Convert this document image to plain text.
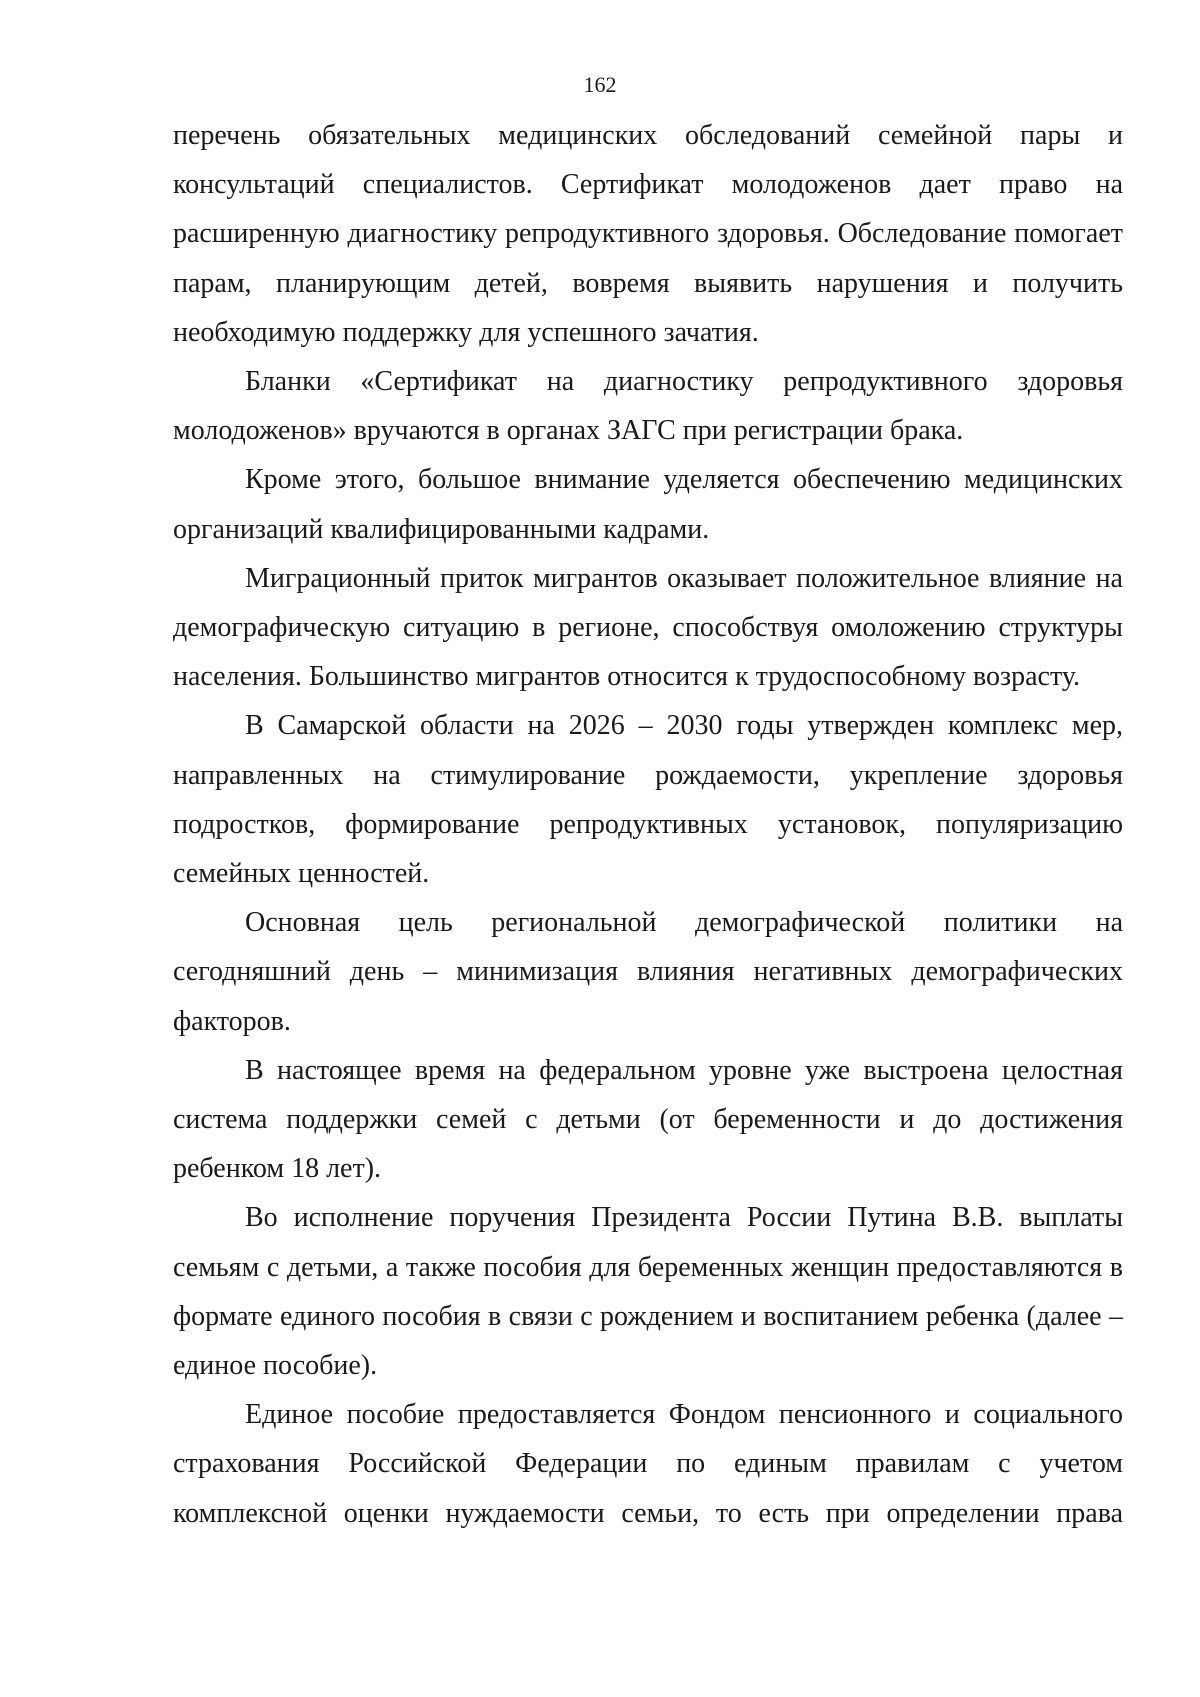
162

перечень обязательных медицинских обследований семейной пары и консультаций специалистов. Сертификат молодоженов дает право на расширенную диагностику репродуктивного здоровья. Обследование помогает парам, планирующим детей, вовремя выявить нарушения и получить необходимую поддержку для успешного зачатия.

Бланки «Сертификат на диагностику репродуктивного здоровья молодоженов» вручаются в органах ЗАГС при регистрации брака.

Кроме этого, большое внимание уделяется обеспечению медицинских организаций квалифицированными кадрами.

Миграционный приток мигрантов оказывает положительное влияние на демографическую ситуацию в регионе, способствуя омоложению структуры населения. Большинство мигрантов относится к трудоспособному возрасту.

В Самарской области на 2026 – 2030 годы утвержден комплекс мер, направленных на стимулирование рождаемости, укрепление здоровья подростков, формирование репродуктивных установок, популяризацию семейных ценностей.

Основная цель региональной демографической политики на сегодняшний день – минимизация влияния негативных демографических факторов.

В настоящее время на федеральном уровне уже выстроена целостная система поддержки семей с детьми (от беременности и до достижения ребенком 18 лет).

Во исполнение поручения Президента России Путина В.В. выплаты семьям с детьми, а также пособия для беременных женщин предоставляются в формате единого пособия в связи с рождением и воспитанием ребенка (далее – единое пособие).

Единое пособие предоставляется Фондом пенсионного и социального страхования Российской Федерации по единым правилам с учетом комплексной оценки нуждаемости семьи, то есть при определении права
